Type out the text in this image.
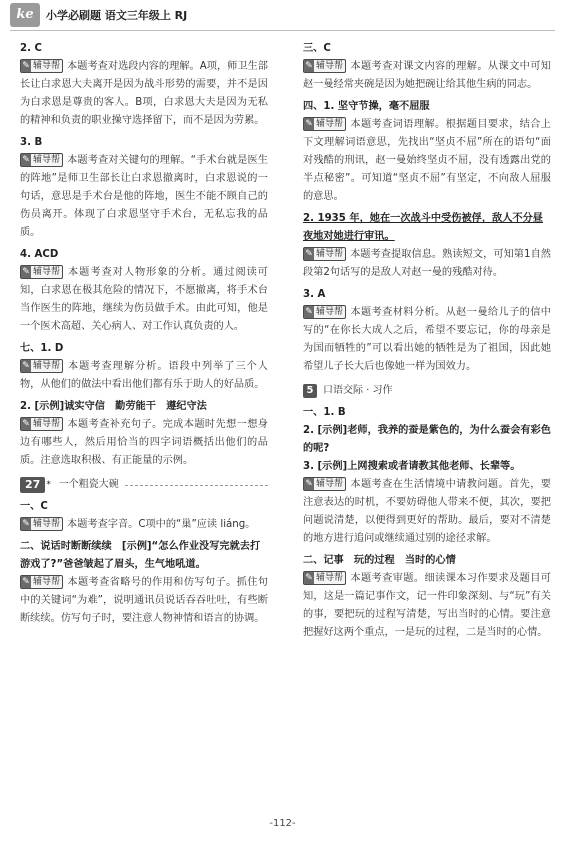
ke	小学必刷题 语文三年级上 RJ

2. C

✎ 辅导帮 本题考查对选段内容的理解。A项，师卫生部长让白求恩大夫离开是因为战斗形势的需要，并不是因为白求恩是尊贵的客人。B项，白求恩大夫是因为无私的精神和负责的职业操守选择留下，而不是因为劳累。

3. B

✎ 辅导帮 本题考查对关键句的理解。“手术台就是医生的阵地”是师卫生部长让白求恩撤离时，白求恩说的一句话，意思是手术台是他的阵地，医生不能不顾自己的伤员离开。体现了白求恩坚守手术台，无私忘我的品质。

4. ACD

✎ 辅导帮 本题考查对人物形象的分析。通过阅读可知，白求恩在极其危险的情况下，不愿撤离，将手术台当作医生的阵地，继续为伤员做手术。由此可知，他是一个医术高超、关心病人、对工作认真负责的人。

七、1. D

✎ 辅导帮 本题考查理解分析。语段中列举了三个人物，从他们的做法中看出他们都有乐于助人的好品质。

2. [示例]诚实守信　勤劳能干　遵纪守法

✎ 辅导帮 本题考查补充句子。完成本题时先想一想身边有哪些人，然后用恰当的四字词语概括出他们的品质。注意选取积极、有正能量的示例。

27 * 一个粗瓷大碗

一、C

✎ 辅导帮 本题考查字音。C项中的“巢”应读 liánɡ。

二、说话时断断续续　[示例]“怎么作业没写完就去打游戏了?”爸爸皱起了眉头，生气地吼道。

✎ 辅导帮 本题考查省略号的作用和仿写句子。抓住句中的关键词“为难”，说明通讯员说话吞吞吐吐，有些断断续续。仿写句子时，要注意人物神情和语言的协调。

三、C

✎ 辅导帮 本题考查对课文内容的理解。从课文中可知赵一曼经常夹碗是因为她把碗让给其他生病的同志。

四、1. 坚守节操，毫不屈服

✎ 辅导帮 本题考查词语理解。根据题目要求，结合上下文理解词语意思，先找出“坚贞不屈”所在的语句“面对残酷的刑讯，赵一曼始终坚贞不屈，没有透露出党的半点秘密”。可知道“坚贞不屈”有坚定，不向敌人屈服的意思。

2. 1935 年，她在一次战斗中受伤被俘，敌人不分昼夜地对她进行审讯。

✎ 辅导帮 本题考查提取信息。熟读短文，可知第1自然段第2句话写的是敌人对赵一曼的残酷对待。

3. A

✎ 辅导帮 本题考查材料分析。从赵一曼给儿子的信中写的“在你长大成人之后，希望不要忘记，你的母亲是为国而牺牲的”可以看出她的牺牲是为了祖国，因此她希望儿子长大后也像她一样为国效力。

5 口语交际 · 习作

一、1. B

2. [示例]老师，我养的蚕是紫色的，为什么蚕会有彩色的呢?

3. [示例]上网搜索或者请教其他老师、长辈等。

✎ 辅导帮 本题考查在生活情境中请教问题。首先，要注意表达的时机，不要妨碍他人带来不便，其次，要把问题说清楚，以便得到更好的帮助。最后，要对不清楚的地方进行追问或继续通过别的途径求解。

二、记事　玩的过程　当时的心情

✎ 辅导帮 本题考查审题。细读课本习作要求及题目可知，这是一篇记事作文，记一件印象深刻、与“玩”有关的事，要把玩的过程写清楚，写出当时的心情。要注意把握好这两个重点，一是玩的过程，二是当时的心情。

-112-
